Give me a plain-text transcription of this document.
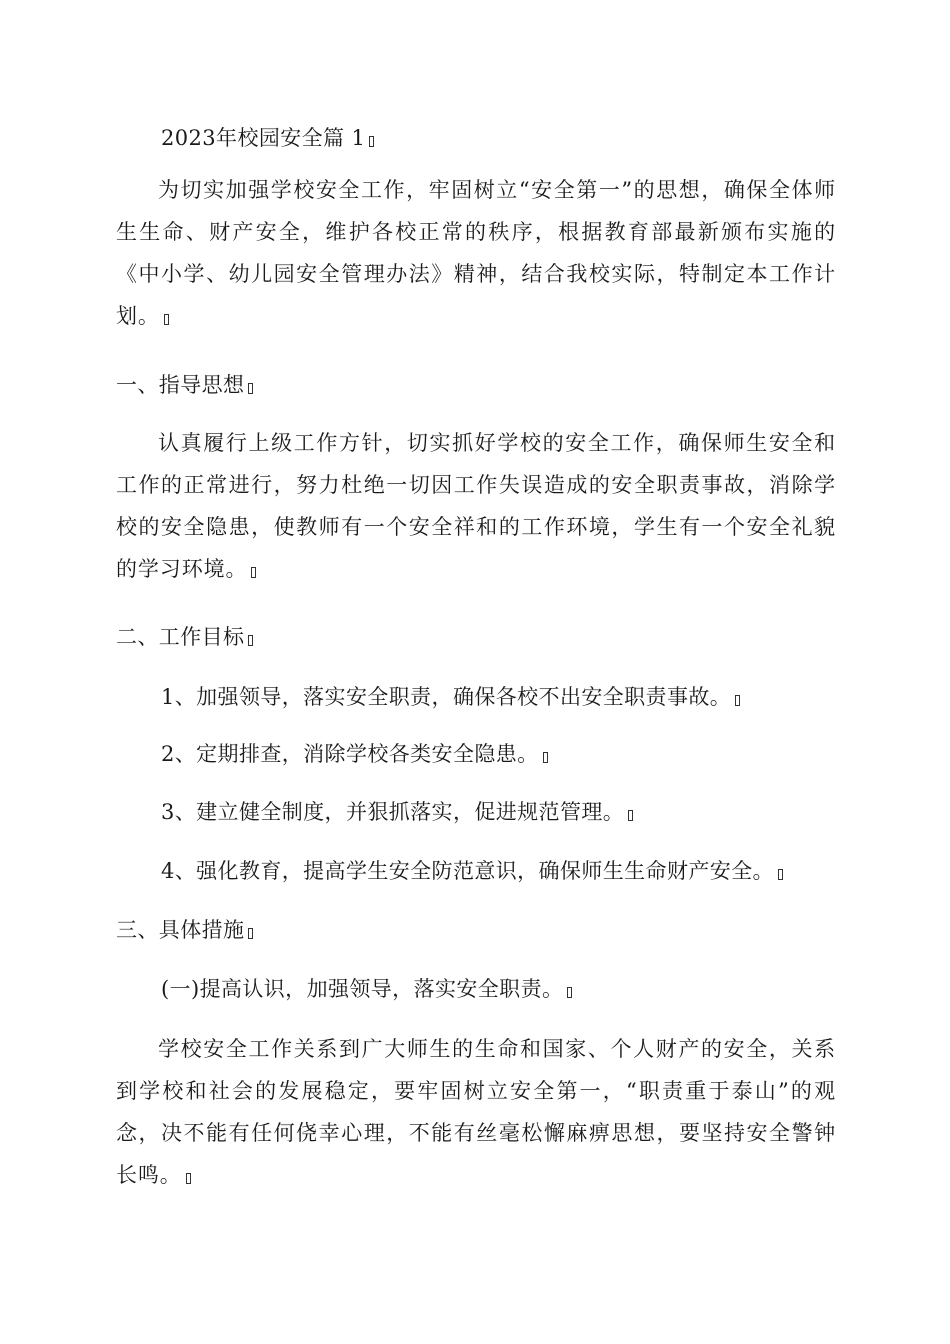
2023年校园安全篇 1
为切实加强学校安全工作，牢固树立“安全第一”的思想，确保全体师生生命、财产安全，维护各校正常的秩序，根据教育部最新颁布实施的《中小学、幼儿园安全管理办法》精神，结合我校实际，特制定本工作计划。
一、指导思想
认真履行上级工作方针，切实抓好学校的安全工作，确保师生安全和工作的正常进行，努力杜绝一切因工作失误造成的安全职责事故，消除学校的安全隐患，使教师有一个安全祥和的工作环境，学生有一个安全礼貌的学习环境。
二、工作目标
1、加强领导，落实安全职责，确保各校不出安全职责事故。
2、定期排查，消除学校各类安全隐患。
3、建立健全制度，并狠抓落实，促进规范管理。
4、强化教育，提高学生安全防范意识，确保师生生命财产安全。
三、具体措施
(一)提高认识，加强领导，落实安全职责。
学校安全工作关系到广大师生的生命和国家、个人财产的安全，关系到学校和社会的发展稳定，要牢固树立安全第一，“职责重于泰山”的观念，决不能有任何侥幸心理，不能有丝毫松懈麻痹思想，要坚持安全警钟长鸣。
